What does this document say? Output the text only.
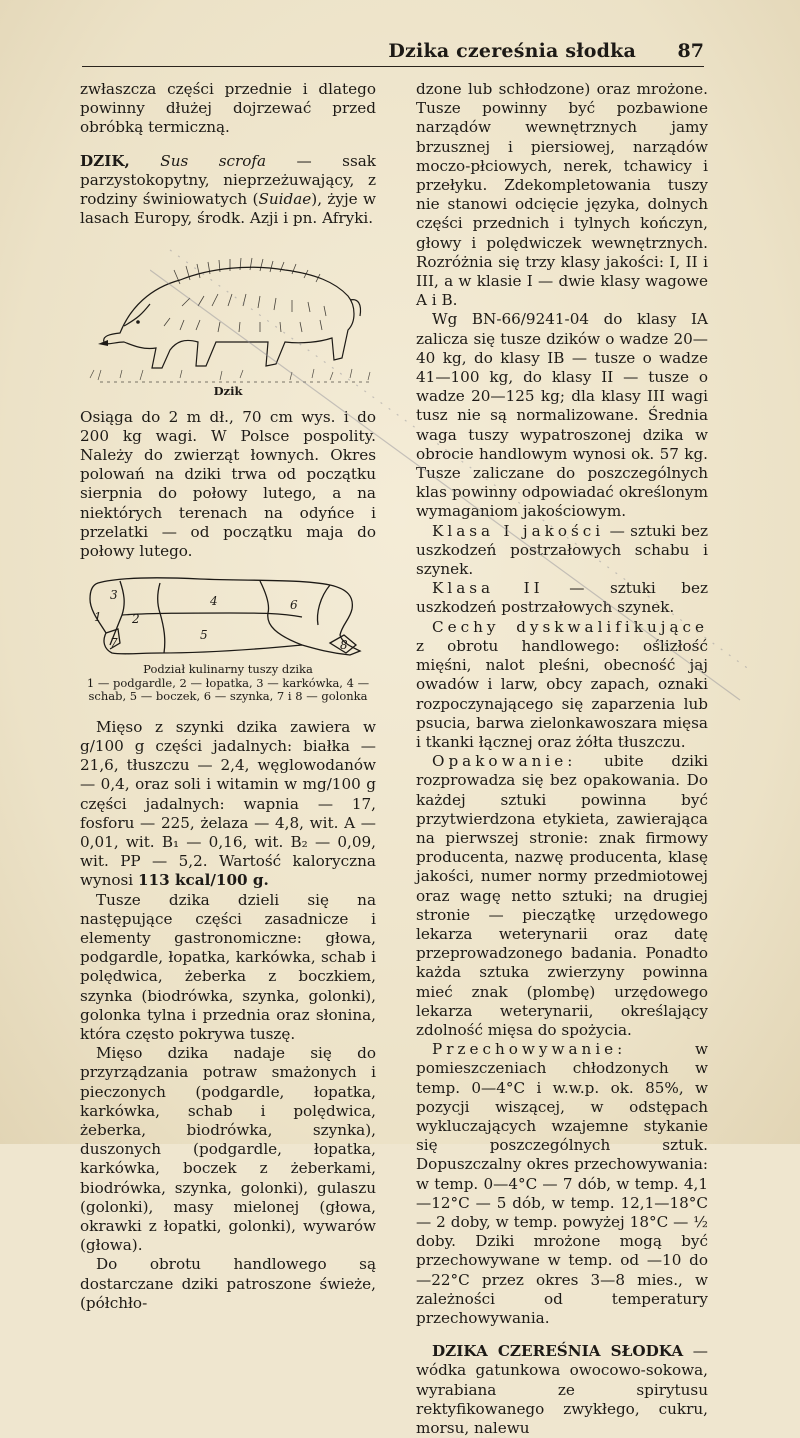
Dzika czereśnia słodka 87

zwłaszcza części przednie i dlatego powinny dłużej dojrzewać przed obróbką termiczną.

DZIK, Sus scrofa — ssak parzystokopytny, nieprzeżuwający, z rodziny świniowatych (Suidae), żyje w lasach Europy, środk. Azji i pn. Afryki.

Dzik

Osiąga do 2 m dł., 70 cm wys. i do 200 kg wagi. W Polsce pospolity. Należy do zwierząt łownych. Okres polowań na dziki trwa od początku sierpnia do połowy lutego, a na niektórych terenach na odyńce i przelatki — od początku maja do połowy lutego.

3
2
4	6
5
1
7	8
Podział kulinarny tuszy dzika
1 — podgardle, 2 — łopatka, 3 — karkówka, 4 — schab, 5 — boczek, 6 — szynka, 7 i 8 — golonka

Mięso z szynki dzika zawiera w g/100 g części jadalnych: białka — 21,6, tłuszczu — 2,4, węglowodanów — 0,4, oraz soli i witamin w mg/100 g części jadalnych: wapnia — 17, fosforu — 225, żelaza — 4,8, wit. A — 0,01, wit. B₁ — 0,16, wit. B₂ — 0,09, wit. PP — 5,2. Wartość kaloryczna wynosi 113 kcal/100 g.

Tusze dzika dzieli się na następujące części zasadnicze i elementy gastronomiczne: głowa, podgardle, łopatka, karkówka, schab i polędwica, żeberka z boczkiem, szynka (biodrówka, szynka, golonki), golonka tylna i przednia oraz słonina, która często pokrywa tuszę.

Mięso dzika nadaje się do przyrządzania potraw smażonych i pieczonych (podgardle, łopatka, karkówka, schab i polędwica, żeberka, biodrówka, szynka), duszonych (podgardle, łopatka, karkówka, boczek z żeberkami, biodrówka, szynka, golonki), gulaszu (golonki), masy mielonej (głowa, okrawki z łopatki, golonki), wywarów (głowa).

Do obrotu handlowego są dostarczane dziki patroszone świeże, (półchło-

dzone lub schłodzone) oraz mrożone. Tusze powinny być pozbawione narządów wewnętrznych jamy brzusznej i piersiowej, narządów moczo-płciowych, nerek, tchawicy i przełyku. Zdekompletowania tuszy nie stanowi odcięcie języka, dolnych części przednich i tylnych kończyn, głowy i polędwiczek wewnętrznych. Rozróżnia się trzy klasy jakości: I, II i III, a w klasie I — dwie klasy wagowe A i B.

Wg BN-66/9241-04 do klasy IA zalicza się tusze dzików o wadze 20—40 kg, do klasy IB — tusze o wadze 41—100 kg, do klasy II — tusze o wadze 20—125 kg; dla klasy III wagi tusz nie są normalizowane. Średnia waga tuszy wypatroszonej dzika w obrocie handlowym wynosi ok. 57 kg. Tusze zaliczane do poszczególnych klas powinny odpowiadać określonym wymaganiom jakościowym.

Klasa I jakości — sztuki bez uszkodzeń postrzałowych schabu i szynek.

Klasa II — sztuki bez uszkodzeń postrzałowych szynek.

Cechy dyskwalifikujące z obrotu handlowego: oślizłość mięśni, nalot pleśni, obecność jaj owadów i larw, obcy zapach, oznaki rozpoczynającego się zaparzenia lub psucia, barwa zielonkawoszara mięsa i tkanki łącznej oraz żółta tłuszczu.

Opakowanie: ubite dziki rozprowadza się bez opakowania. Do każdej sztuki powinna być przytwierdzona etykieta, zawierająca na pierwszej stronie: znak firmowy producenta, nazwę producenta, klasę jakości, numer normy przedmiotowej oraz wagę netto sztuki; na drugiej stronie — pieczątkę urzędowego lekarza weterynarii oraz datę przeprowadzonego badania. Ponadto każda sztuka zwierzyny powinna mieć znak (plombę) urzędowego lekarza weterynarii, określający zdolność mięsa do spożycia.

Przechowywanie: w pomieszczeniach chłodzonych w temp. 0—4°C i w.w.p. ok. 85%, w pozycji wiszącej, w odstępach wykluczających wzajemne stykanie się poszczególnych sztuk. Dopuszczalny okres przechowywania: w temp. 0—4°C — 7 dób, w temp. 4,1—12°C — 5 dób, w temp. 12,1—18°C — 2 doby, w temp. powyżej 18°C — ½ doby. Dziki mrożone mogą być przechowywane w temp. od —10 do —22°C przez okres 3—8 mies., w zależności od temperatury przechowywania.

DZIKA CZEREŚNIA SŁODKA — wódka gatunkowa owocowo-sokowa, wyrabiana ze spirytusu rektyfikowanego zwykłego, cukru, morsu, nalewu
